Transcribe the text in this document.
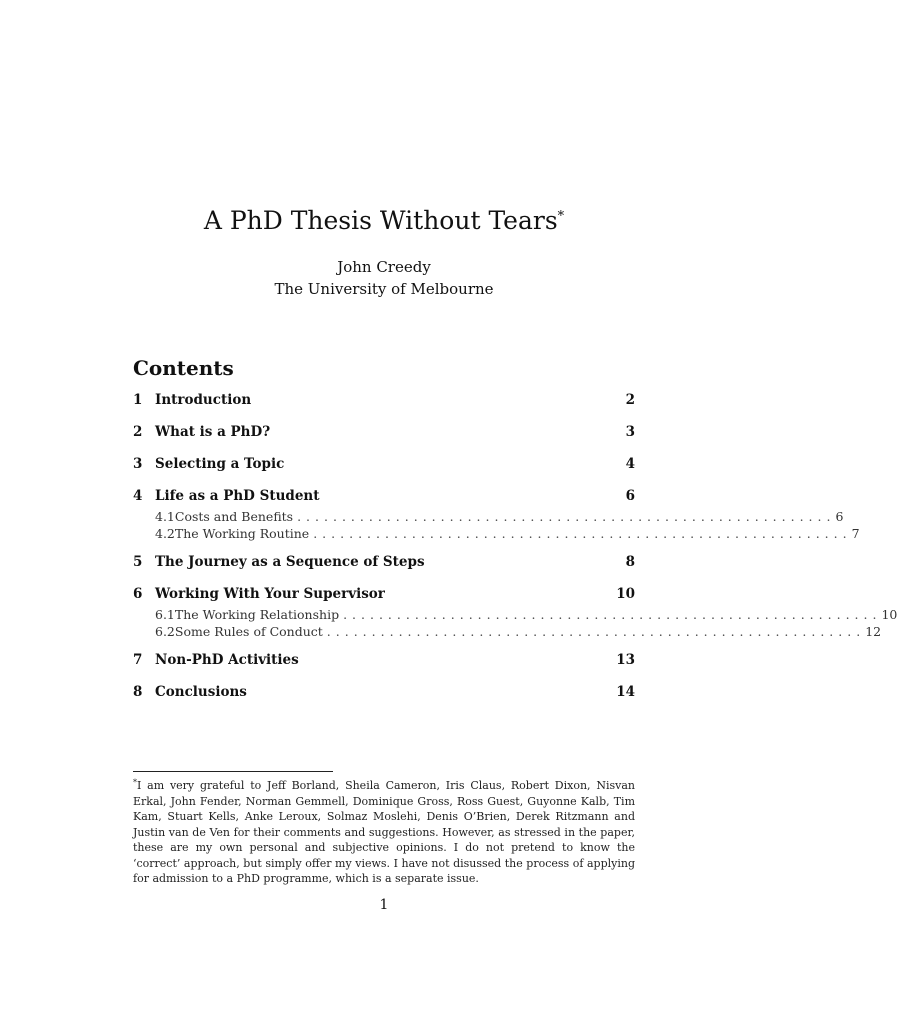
A PhD Thesis Without Tears*
John Creedy
The University of Melbourne
Contents
1 Introduction	2
2 What is a PhD?	3
3 Selecting a Topic	4
4 Life as a PhD Student	6
4.1 Costs and Benefits ............................................................ 6
4.2 The Working Routine ............................................................ 7
5 The Journey as a Sequence of Steps	8
6 Working With Your Supervisor	10
6.1 The Working Relationship ............................................................ 10
6.2 Some Rules of Conduct ............................................................ 12
7 Non-PhD Activities	13
8 Conclusions	14
*I am very grateful to Jeff Borland, Sheila Cameron, Iris Claus, Robert Dixon, Nisvan Erkal, John Fender, Norman Gemmell, Dominique Gross, Ross Guest, Guyonne Kalb, Tim Kam, Stuart Kells, Anke Leroux, Solmaz Moslehi, Denis O’Brien, Derek Ritzmann and Justin van de Ven for their comments and suggestions. However, as stressed in the paper, these are my own personal and subjective opinions. I do not pretend to know the ‘correct’ approach, but simply offer my views. I have not disussed the process of applying for admission to a PhD programme, which is a separate issue.
1
